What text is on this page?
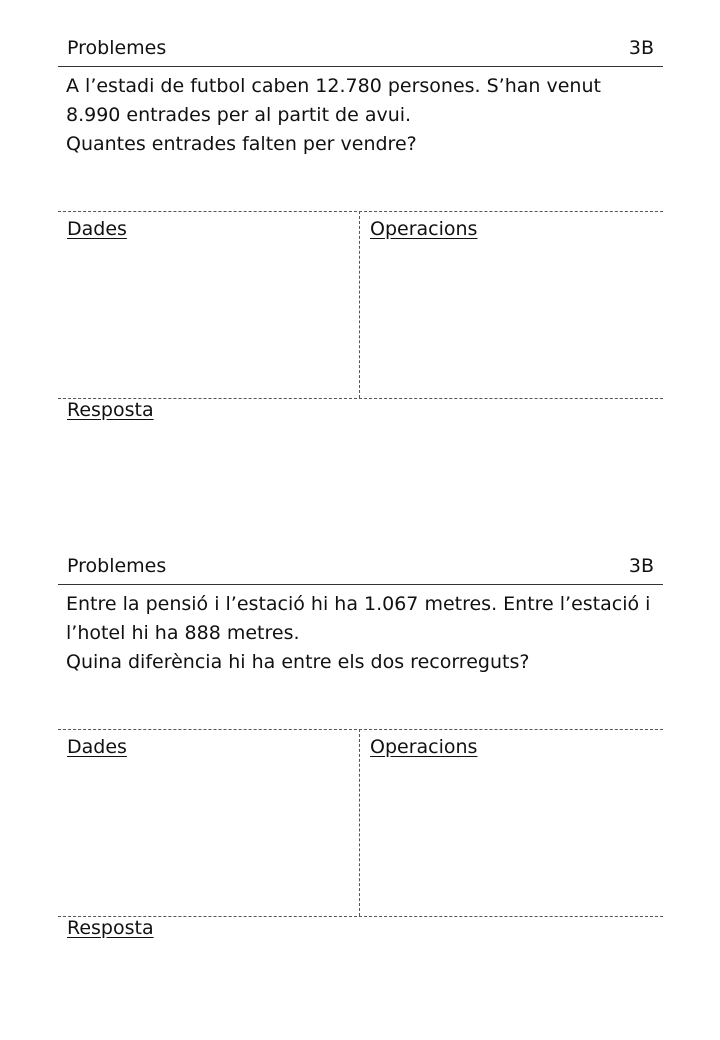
Problemes	3B

A l’estadi de futbol caben 12.780 persones. S’han venut

8.990 entrades per al partit de avui.

Quantes entrades falten per vendre?

Dades	Operacions
Resposta
Problemes	3B

Entre la pensió i l’estació hi ha 1.067 metres. Entre l’estació i

l’hotel hi ha 888 metres.

Quina diferència hi ha entre els dos recorreguts?

Dades	Operacions
Resposta
